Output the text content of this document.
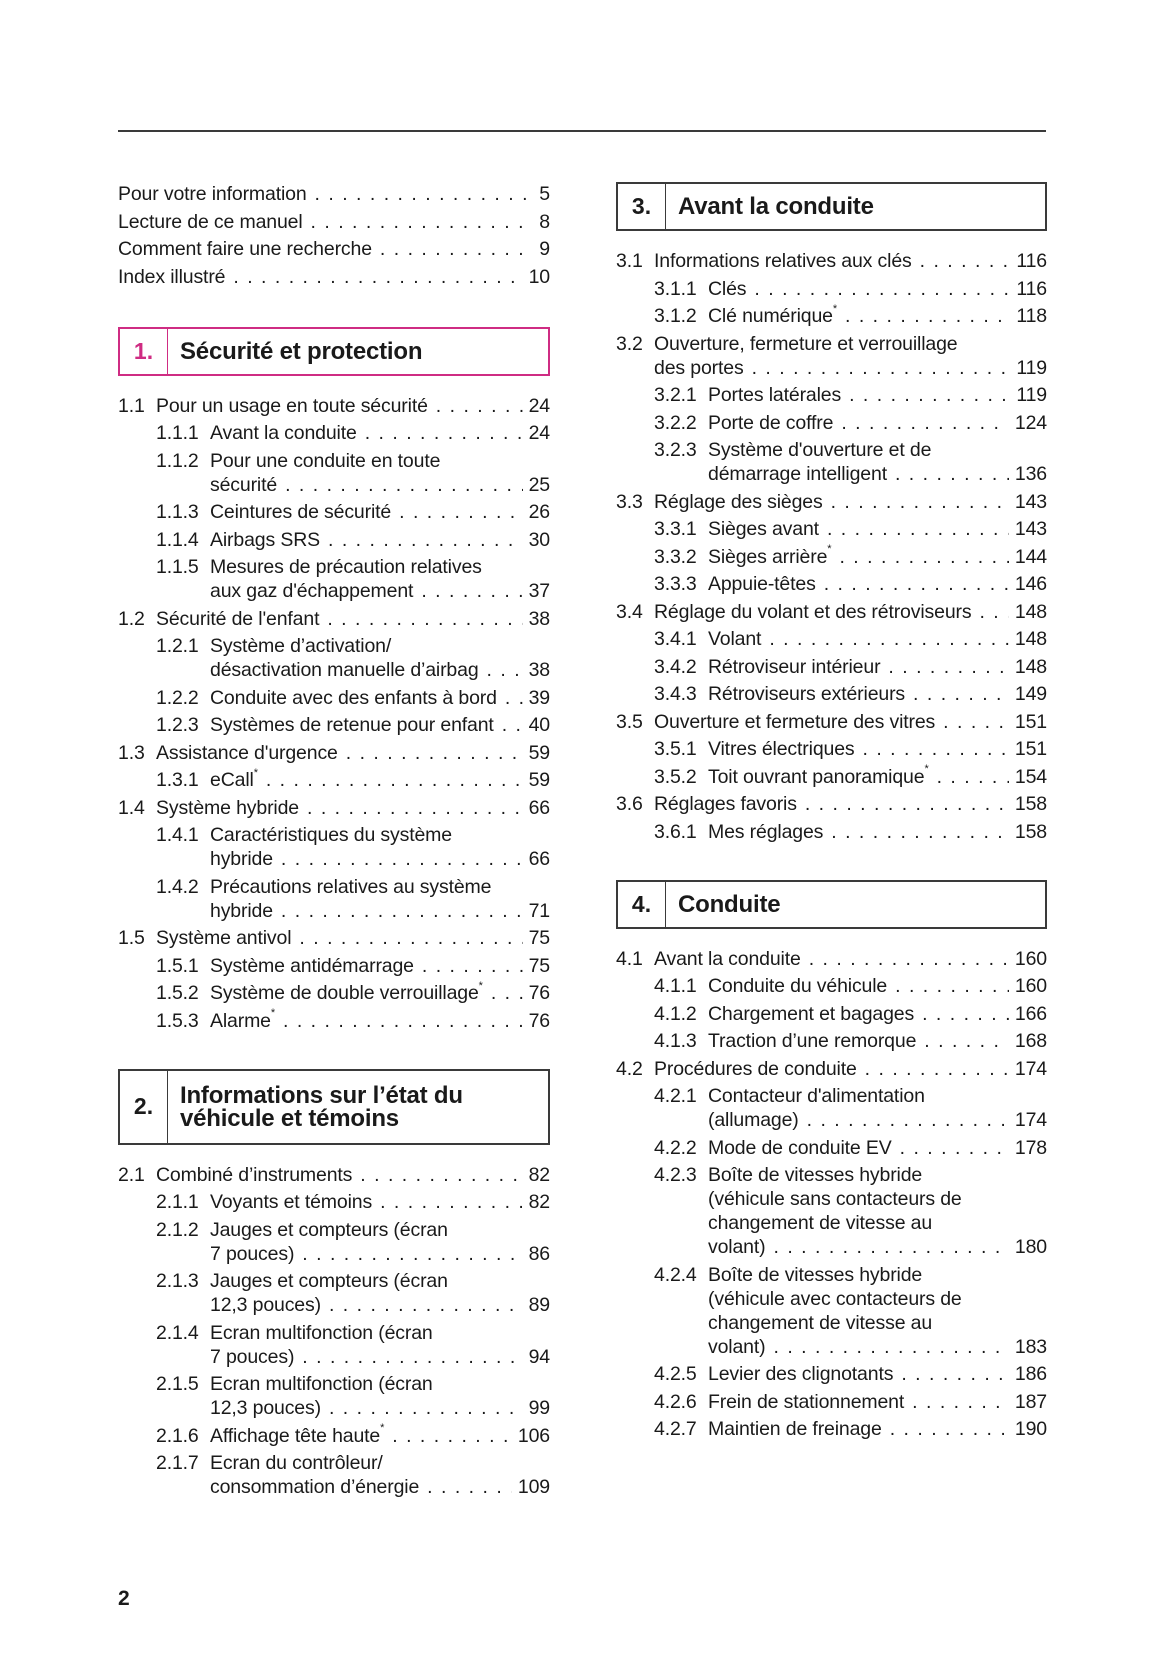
Pour votre information . . .	5
Lecture de ce manuel . . .	8
Comment faire une recherche . . .	9
Index illustré . . .	10
1.	Sécurité et protection
1.1 Pour un usage en toute sécurité . . .	24
1.1.1 Avant la conduite . . .	24
1.1.2 Pour une conduite en toute
sécurité . . .	25
1.1.3 Ceintures de sécurité . . .	26
1.1.4 Airbags SRS . . .	30
1.1.5 Mesures de précaution relatives
aux gaz d'échappement . . .	37
1.2 Sécurité de l'enfant . . .	38
1.2.1 Système d’activation/
désactivation manuelle d’airbag . . .	38
1.2.2 Conduite avec des enfants à bord . . .	39
1.2.3 Systèmes de retenue pour enfant . . .	40
1.3 Assistance d'urgence . . .	59
1.3.1 eCall* . . .	59
1.4 Système hybride . . .	66
1.4.1 Caractéristiques du système
hybride . . .	66
1.4.2 Précautions relatives au système
hybride . . .	71
1.5 Système antivol . . .	75
1.5.1 Système antidémarrage . . .	75
1.5.2 Système de double verrouillage* . . .	76
1.5.3 Alarme* . . .	76
2.	Informations sur l’état du
véhicule et témoins
2.1 Combiné d’instruments . . .	82
2.1.1 Voyants et témoins . . .	82
2.1.2 Jauges et compteurs (écran
7 pouces) . . .	86
2.1.3 Jauges et compteurs (écran
12,3 pouces) . . .	89
2.1.4 Ecran multifonction (écran
7 pouces) . . .	94
2.1.5 Ecran multifonction (écran
12,3 pouces) . . .	99
2.1.6 Affichage tête haute* . . .	106
2.1.7 Ecran du contrôleur/
consommation d’énergie . . .	109
3.	Avant la conduite
3.1 Informations relatives aux clés . . .	116
3.1.1 Clés . . .	116
3.1.2 Clé numérique* . . .	118
3.2 Ouverture, fermeture et verrouillage
des portes . . .	119
3.2.1 Portes latérales . . .	119
3.2.2 Porte de coffre . . .	124
3.2.3 Système d'ouverture et de
démarrage intelligent . . .	136
3.3 Réglage des sièges . . .	143
3.3.1 Sièges avant . . .	143
3.3.2 Sièges arrière* . . .	144
3.3.3 Appuie-têtes . . .	146
3.4 Réglage du volant et des rétroviseurs . . .	148
3.4.1 Volant . . .	148
3.4.2 Rétroviseur intérieur . . .	148
3.4.3 Rétroviseurs extérieurs . . .	149
3.5 Ouverture et fermeture des vitres . . .	151
3.5.1 Vitres électriques . . .	151
3.5.2 Toit ouvrant panoramique* . . .	154
3.6 Réglages favoris . . .	158
3.6.1 Mes réglages . . .	158
4.	Conduite
4.1 Avant la conduite . . .	160
4.1.1 Conduite du véhicule . . .	160
4.1.2 Chargement et bagages . . .	166
4.1.3 Traction d’une remorque . . .	168
4.2 Procédures de conduite . . .	174
4.2.1 Contacteur d'alimentation
(allumage) . . .	174
4.2.2 Mode de conduite EV . . .	178
4.2.3 Boîte de vitesses hybride
(véhicule sans contacteurs de
changement de vitesse au
volant) . . .	180
4.2.4 Boîte de vitesses hybride
(véhicule avec contacteurs de
changement de vitesse au
volant) . . .	183
4.2.5 Levier des clignotants . . .	186
4.2.6 Frein de stationnement . . .	187
4.2.7 Maintien de freinage . . .	190
2
